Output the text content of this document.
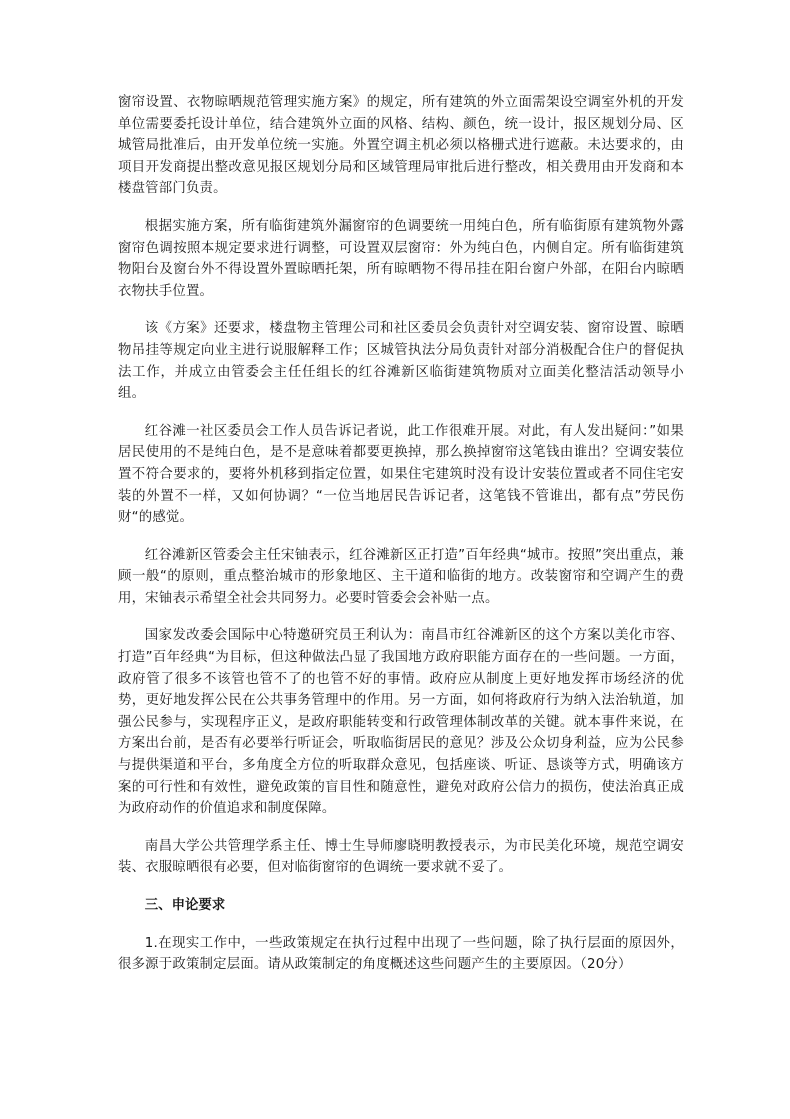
窗帘设置、衣物晾晒规范管理实施方案》的规定，所有建筑的外立面需架设空调室外机的开发单位需要委托设计单位，结合建筑外立面的风格、结构、颜色，统一设计，报区规划分局、区城管局批准后，由开发单位统一实施。外置空调主机必须以格栅式进行遮蔽。未达要求的，由项目开发商提出整改意见报区规划分局和区域管理局审批后进行整改，相关费用由开发商和本楼盘管部门负责。

根据实施方案，所有临街建筑外漏窗帘的色调要统一用纯白色，所有临街原有建筑物外露窗帘色调按照本规定要求进行调整，可设置双层窗帘：外为纯白色，内侧自定。所有临街建筑物阳台及窗台外不得设置外置晾晒托架，所有晾晒物不得吊挂在阳台窗户外部，在阳台内晾晒衣物扶手位置。

该《方案》还要求，楼盘物主管理公司和社区委员会负责针对空调安装、窗帘设置、晾晒物吊挂等规定向业主进行说服解释工作；区城管执法分局负责针对部分消极配合住户的督促执法工作，并成立由管委会主任任组长的红谷滩新区临街建筑物质对立面美化整洁活动领导小组。

红谷滩一社区委员会工作人员告诉记者说，此工作很难开展。对此，有人发出疑问：”如果居民使用的不是纯白色，是不是意味着都要更换掉，那么换掉窗帘这笔钱由谁出？空调安装位置不符合要求的，要将外机移到指定位置，如果住宅建筑时没有设计安装位置或者不同住宅安装的外置不一样，又如何协调？“一位当地居民告诉记者，这笔钱不管谁出，都有点”劳民伤财“的感觉。

红谷滩新区管委会主任宋铀表示，红谷滩新区正打造”百年经典“城市。按照”突出重点，兼顾一般“的原则，重点整治城市的形象地区、主干道和临街的地方。改装窗帘和空调产生的费用，宋铀表示希望全社会共同努力。必要时管委会会补贴一点。

国家发改委会国际中心特邀研究员王利认为：南昌市红谷滩新区的这个方案以美化市容、打造”百年经典“为目标，但这种做法凸显了我国地方政府职能方面存在的一些问题。一方面，政府管了很多不该管也管不了的也管不好的事情。政府应从制度上更好地发挥市场经济的优势，更好地发挥公民在公共事务管理中的作用。另一方面，如何将政府行为纳入法治轨道，加强公民参与，实现程序正义，是政府职能转变和行政管理体制改革的关键。就本事件来说，在方案出台前，是否有必要举行听证会，听取临街居民的意见？涉及公众切身利益，应为公民参与提供渠道和平台，多角度全方位的听取群众意见，包括座谈、听证、恳谈等方式，明确该方案的可行性和有效性，避免政策的盲目性和随意性，避免对政府公信力的损伤，使法治真正成为政府动作的价值追求和制度保障。

南昌大学公共管理学系主任、博士生导师廖晓明教授表示，为市民美化环境，规范空调安装、衣服晾晒很有必要，但对临街窗帘的色调统一要求就不妥了。

三、申论要求

1.在现实工作中，一些政策规定在执行过程中出现了一些问题，除了执行层面的原因外，很多源于政策制定层面。请从政策制定的角度概述这些问题产生的主要原因。（20分）
